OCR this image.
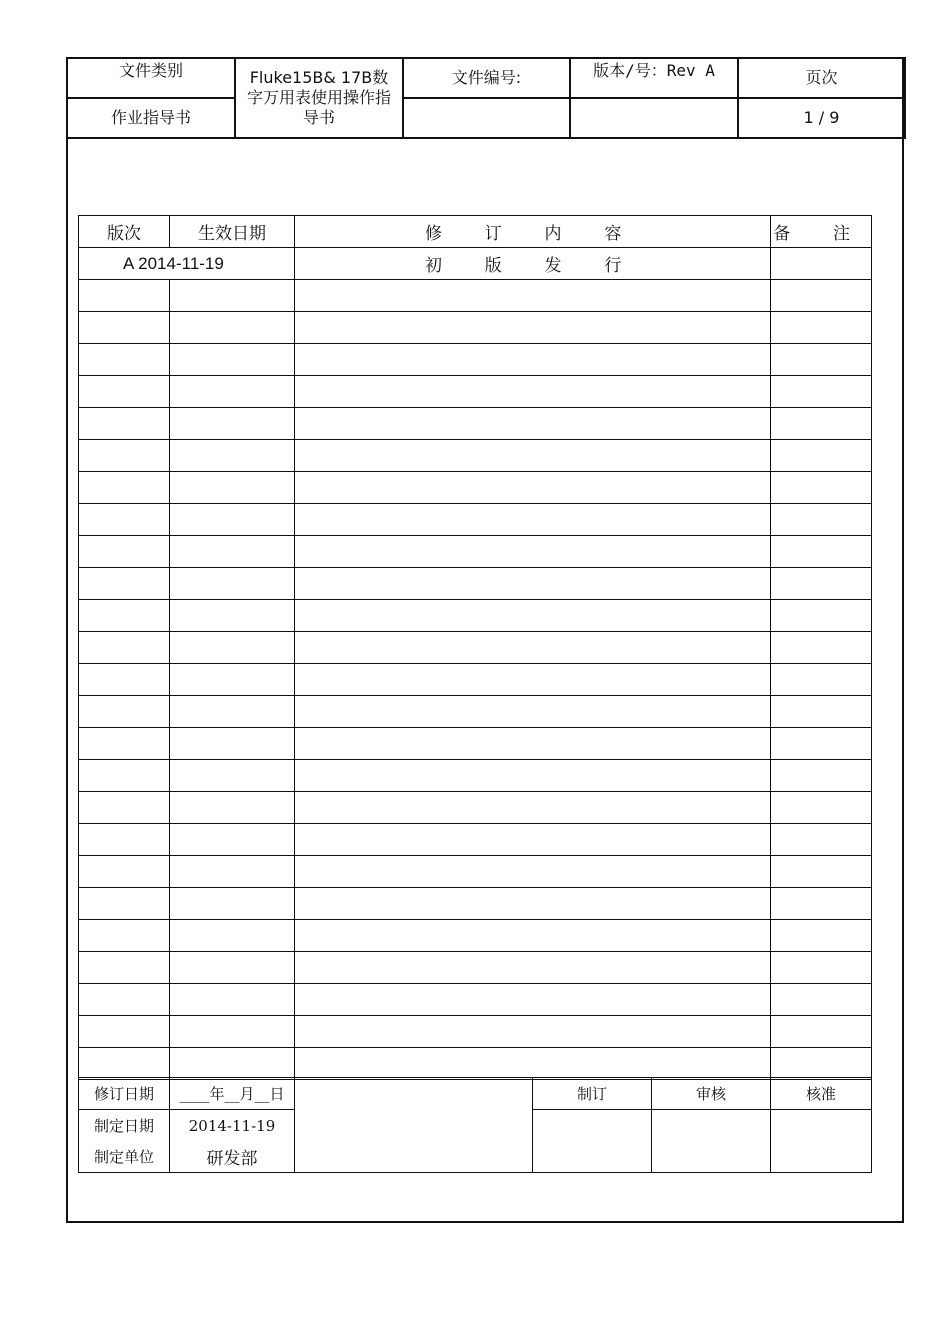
文件类别	Fluke15B& 17B数字万用表使用操作指导书	文件编号:	版本/号：Rev A	页次
作业指导书				1 / 9
版次	生效日期	修 订 内 容	备 注
A 2014-11-19		初 版 发 行	

修订日期	____年__月__日		制订	审核	核准
制定日期	2014-11-19				
制定单位	研发部				
